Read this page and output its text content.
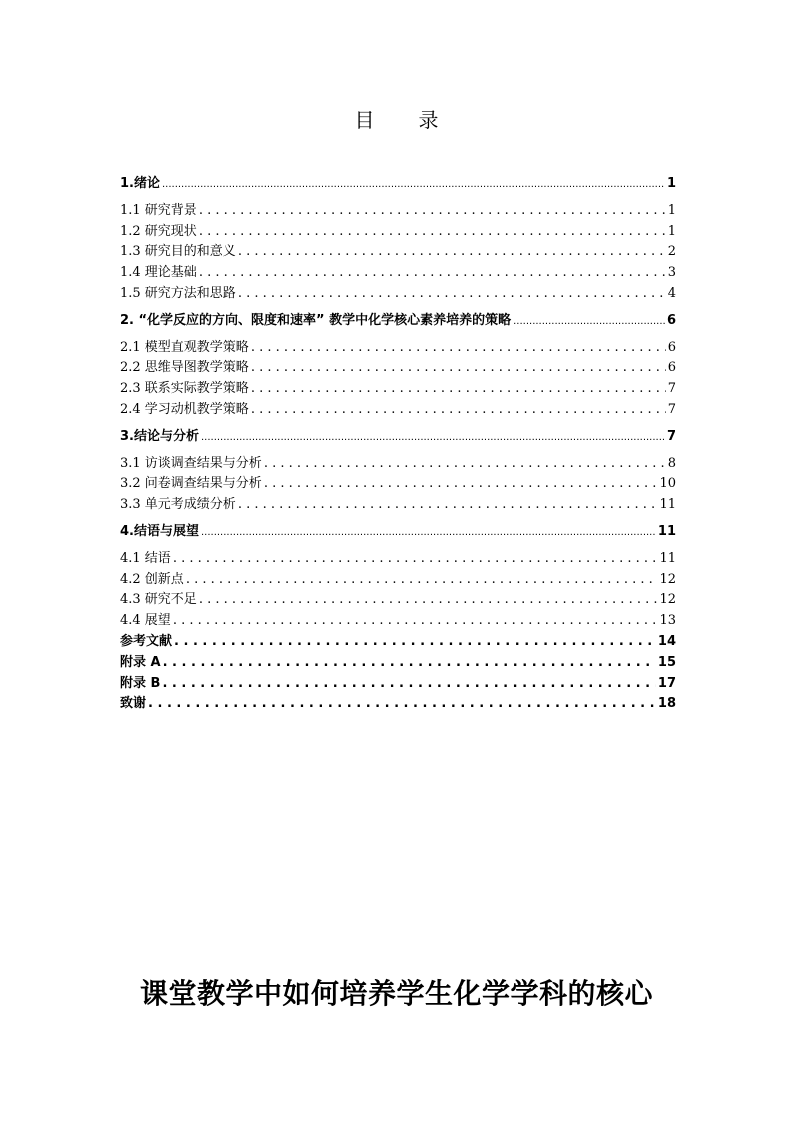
目 录
1.绪论 .....	1
1.1 研究背景 . . .	1
1.2 研究现状 . . .	1
1.3 研究目的和意义 . . .	2
1.4 理论基础 . . .	3
1.5 研究方法和思路 . . .	4
2. “化学反应的方向、限度和速率” 教学中化学核心素养培养的策略 .....	6
2.1 模型直观教学策略 . . .	6
2.2 思维导图教学策略 . . .	6
2.3 联系实际教学策略 . . .	7
2.4 学习动机教学策略 . . .	7
3.结论与分析 .....	7
3.1 访谈调查结果与分析 . . .	8
3.2 问卷调查结果与分析 . . .	10
3.3 单元考成绩分析 . . .	11
4.结语与展望 .....	11
4.1 结语 . . .	11
4.2 创新点 . . .	12
4.3 研究不足 . . .	12
4.4 展望 . . .	13
参考文献 . . .	14
附录 A . . .	15
附录 B . . .	17
致谢 . . .	18
课堂教学中如何培养学生化学学科的核心
